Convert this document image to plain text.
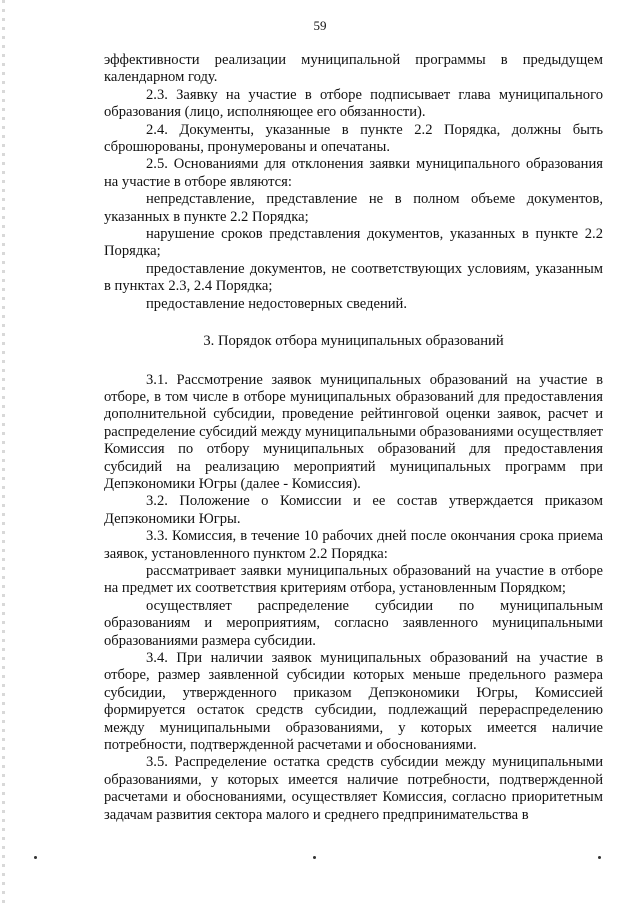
59

эффективности реализации муниципальной программы в предыдущем календарном году.

2.3. Заявку на участие в отборе подписывает глава муниципального образования (лицо, исполняющее его обязанности).

2.4. Документы, указанные в пункте 2.2 Порядка, должны быть сброшюрованы, пронумерованы и опечатаны.

2.5. Основаниями для отклонения заявки муниципального образования на участие в отборе являются:

непредставление, представление не в полном объеме документов, указанных в пункте 2.2 Порядка;

нарушение сроков представления документов, указанных в пункте 2.2 Порядка;

предоставление документов, не соответствующих условиям, указанным в пунктах 2.3, 2.4 Порядка;

предоставление недостоверных сведений.

3. Порядок отбора муниципальных образований

3.1. Рассмотрение заявок муниципальных образований на участие в отборе, в том числе в отборе муниципальных образований для предоставления дополнительной субсидии, проведение рейтинговой оценки заявок, расчет и распределение субсидий между муниципальными образованиями осуществляет Комиссия по отбору муниципальных образований для предоставления субсидий на реализацию мероприятий муниципальных программ при Депэкономики Югры (далее - Комиссия).

3.2. Положение о Комиссии и ее состав утверждается приказом Депэкономики Югры.

3.3. Комиссия, в течение 10 рабочих дней после окончания срока приема заявок, установленного пунктом 2.2 Порядка:

рассматривает заявки муниципальных образований на участие в отборе на предмет их соответствия критериям отбора, установленным Порядком;

осуществляет распределение субсидии по муниципальным образованиям и мероприятиям, согласно заявленного муниципальными образованиями размера субсидии.

3.4. При наличии заявок муниципальных образований на участие в отборе, размер заявленной субсидии которых меньше предельного размера субсидии, утвержденного приказом Депэкономики Югры, Комиссией формируется остаток средств субсидии, подлежащий перераспределению между муниципальными образованиями, у которых имеется наличие потребности, подтвержденной расчетами и обоснованиями.

3.5. Распределение остатка средств субсидии между муниципальными образованиями, у которых имеется наличие потребности, подтвержденной расчетами и обоснованиями, осуществляет Комиссия, согласно приоритетным задачам развития сектора малого и среднего предпринимательства в
